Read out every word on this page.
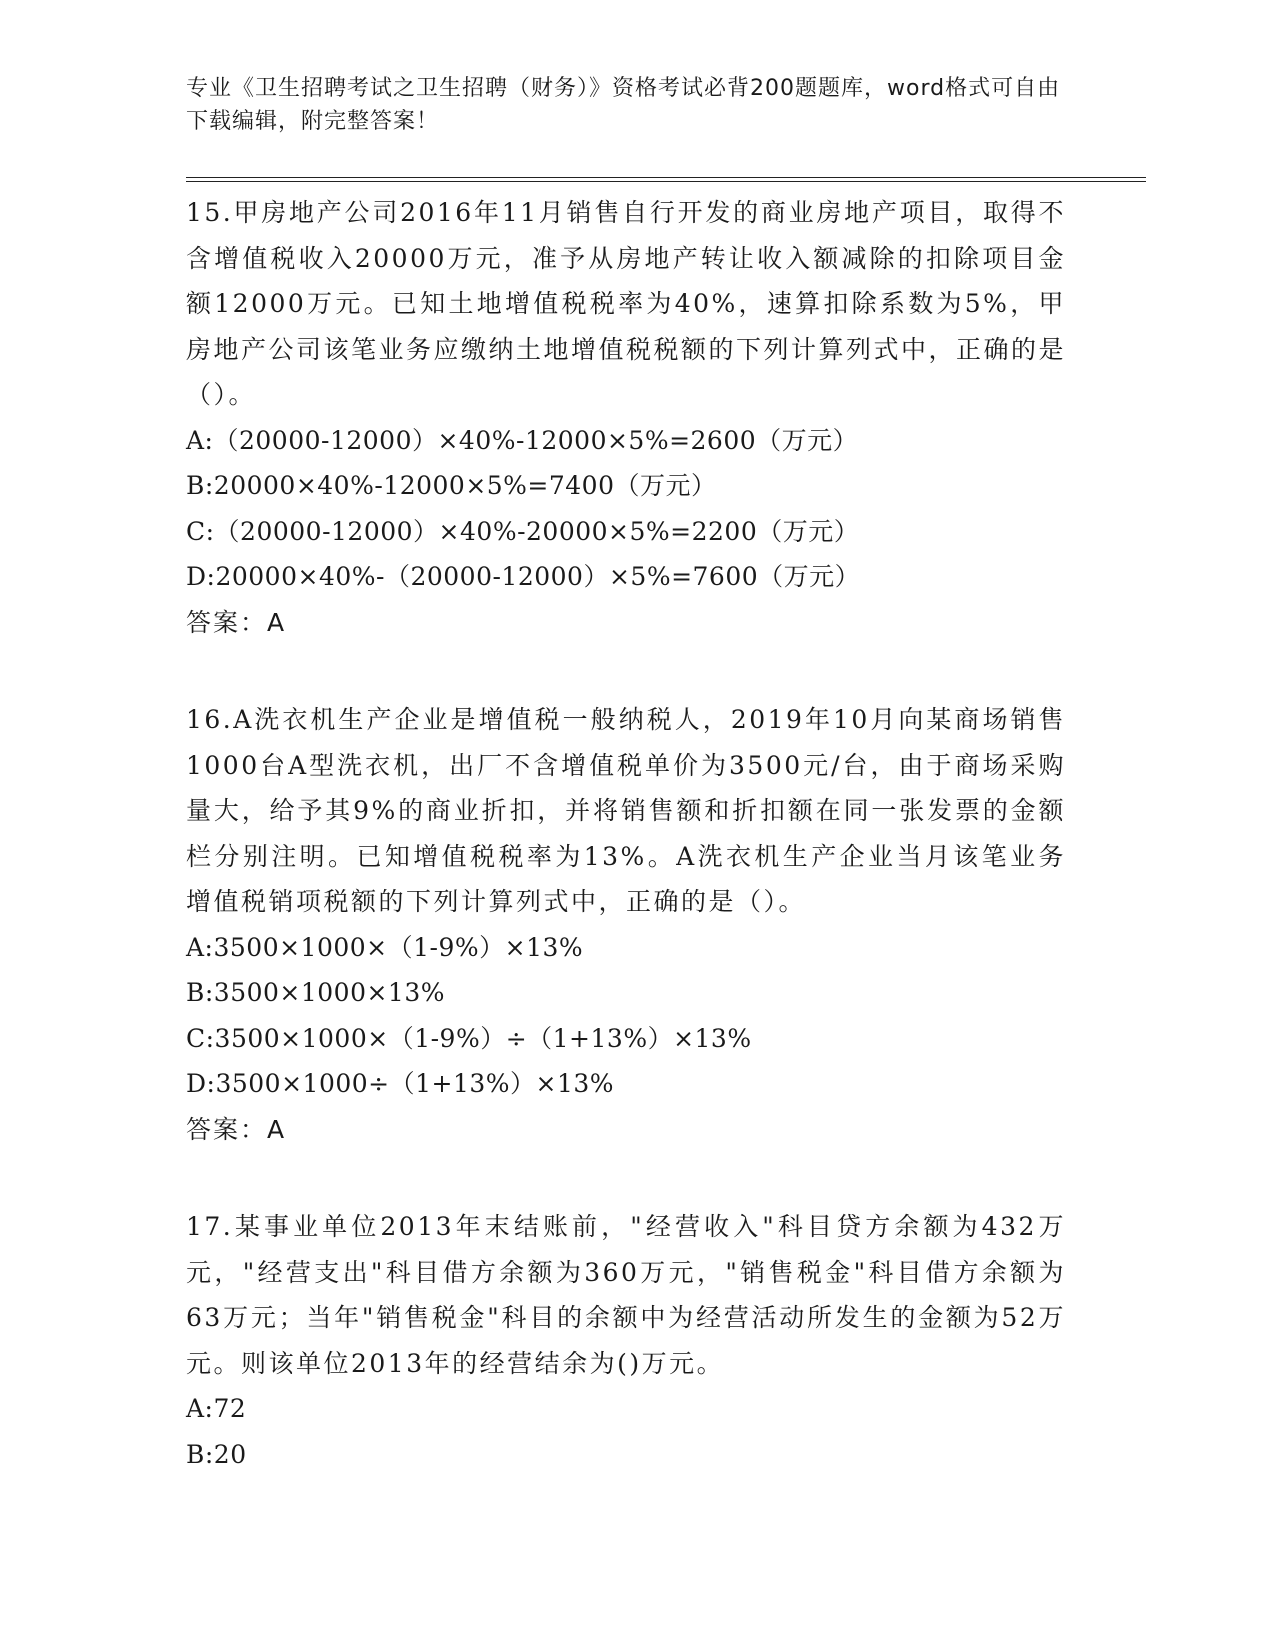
专业《卫生招聘考试之卫生招聘（财务）》资格考试必背200题题库，word格式可自由下载编辑，附完整答案！
15.甲房地产公司2016年11月销售自行开发的商业房地产项目，取得不含增值税收入20000万元，准予从房地产转让收入额减除的扣除项目金额12000万元。已知土地增值税税率为40%，速算扣除系数为5%，甲房地产公司该笔业务应缴纳土地增值税税额的下列计算列式中，正确的是（）。
A:（20000-12000）×40%-12000×5%=2600（万元）
B:20000×40%-12000×5%=7400（万元）
C:（20000-12000）×40%-20000×5%=2200（万元）
D:20000×40%-（20000-12000）×5%=7600（万元）
答案：A
16.A洗衣机生产企业是增值税一般纳税人，2019年10月向某商场销售1000台A型洗衣机，出厂不含增值税单价为3500元/台，由于商场采购量大，给予其9%的商业折扣，并将销售额和折扣额在同一张发票的金额栏分别注明。已知增值税税率为13%。A洗衣机生产企业当月该笔业务增值税销项税额的下列计算列式中，正确的是（）。
A:3500×1000×（1-9%）×13%
B:3500×1000×13%
C:3500×1000×（1-9%）÷（1+13%）×13%
D:3500×1000÷（1+13%）×13%
答案：A
17.某事业单位2013年末结账前，"经营收入"科目贷方余额为432万元，"经营支出"科目借方余额为360万元，"销售税金"科目借方余额为63万元；当年"销售税金"科目的余额中为经营活动所发生的金额为52万元。则该单位2013年的经营结余为()万元。
A:72
B:20
